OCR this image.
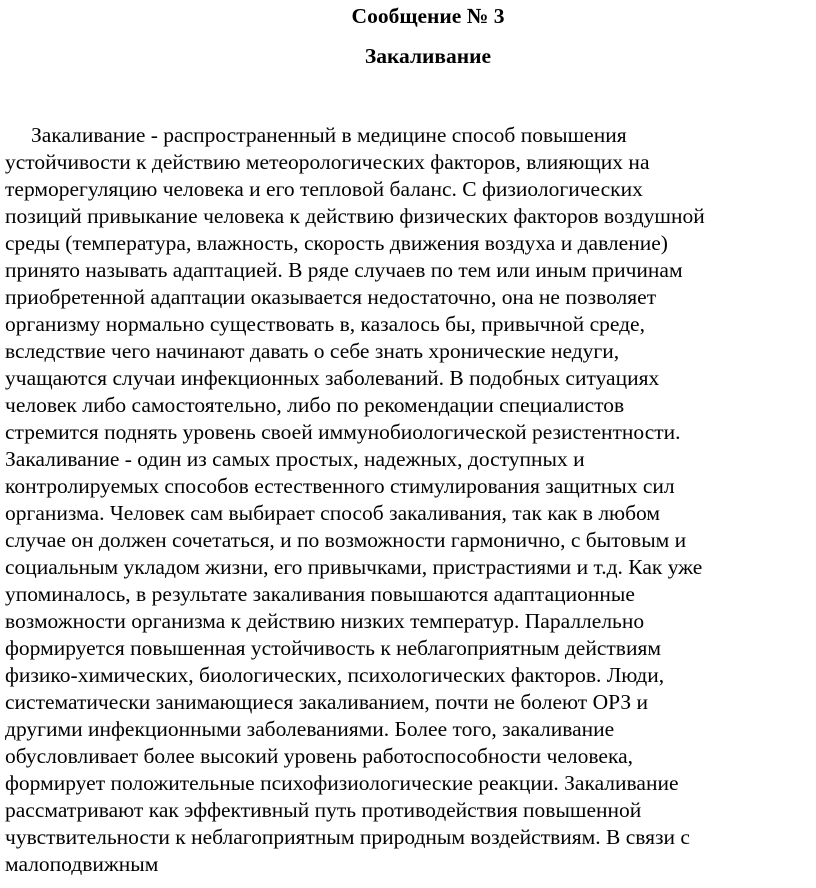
Сообщение № 3
Закаливание
Закаливание - распространенный в медицине способ повышения
устойчивости к действию метеорологических факторов, влияющих на
терморегуляцию человека и его тепловой баланс. С физиологических
позиций привыкание человека к действию физических факторов воздушной
среды (температура, влажность, скорость движения воздуха и давление)
принято называть адаптацией. В ряде случаев по тем или иным причинам
приобретенной адаптации оказывается недостаточно, она не позволяет
организму нормально существовать в, казалось бы, привычной среде,
вследствие чего начинают давать о себе знать хронические недуги,
учащаются случаи инфекционных заболеваний. В подобных ситуациях
человек либо самостоятельно, либо по рекомендации специалистов
стремится поднять уровень своей иммунобиологической резистентности.
Закаливание - один из самых простых, надежных, доступных и
контролируемых способов естественного стимулирования защитных сил
организма. Человек сам выбирает способ закаливания, так как в любом
случае он должен сочетаться, и по возможности гармонично, с бытовым и
социальным укладом жизни, его привычками, пристрастиями и т.д. Как уже
упоминалось, в результате закаливания повышаются адаптационные
возможности организма к действию низких температур. Параллельно
формируется повышенная устойчивость к неблагоприятным действиям
физико-химических, биологических, психологических факторов. Люди,
систематически занимающиеся закаливанием, почти не болеют ОРЗ и
другими инфекционными заболеваниями. Более того, закаливание
обусловливает более высокий уровень работоспособности человека,
формирует положительные психофизиологические реакции. Закаливание
рассматривают как эффективный путь противодействия повышенной
чувствительности к неблагоприятным природным воздействиям. В связи с
малоподвижным
